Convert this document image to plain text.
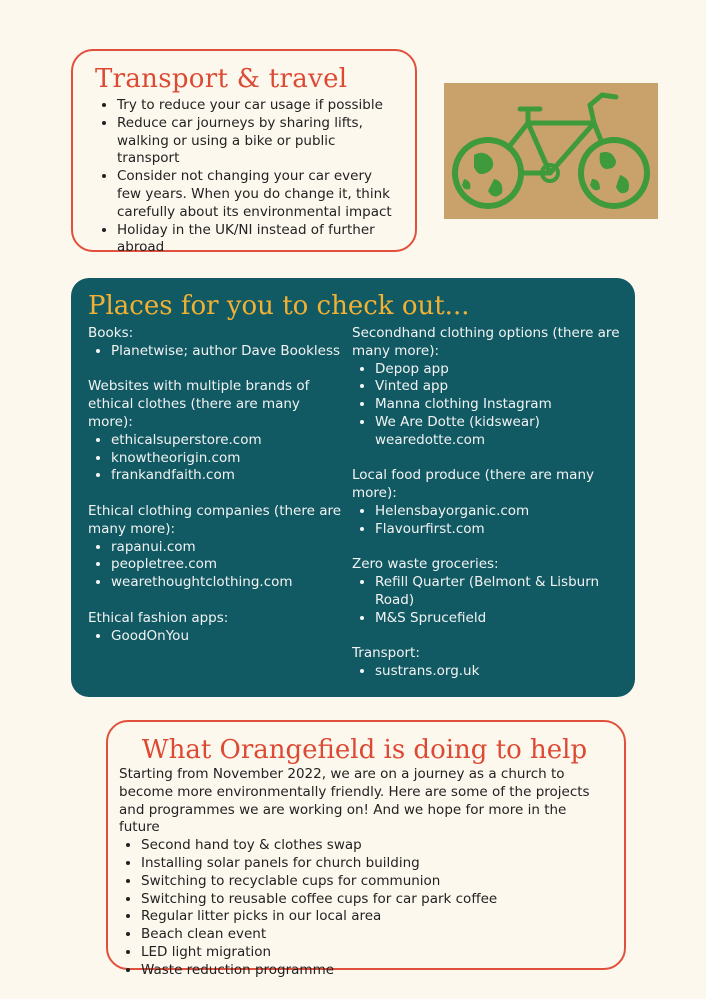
Transport & travel
• Try to reduce your car usage if possible
• Reduce car journeys by sharing lifts, walking or using a bike or public transport
• Consider not changing your car every few years. When you do change it, think carefully about its environmental impact
• Holiday in the UK/NI instead of further abroad
Places for you to check out...

Books:

• Planetwise; author Dave Bookless

Websites with multiple brands of ethical clothes (there are many more):

• ethicalsuperstore.com
• knowtheorigin.com
• frankandfaith.com

Ethical clothing companies (there are many more):

• rapanui.com
• peopletree.com
• wearethoughtclothing.com

Ethical fashion apps:

• GoodOnYou

Secondhand clothing options (there are many more):

• Depop app
• Vinted app
• Manna clothing Instagram
• We Are Dotte (kidswear) wearedotte.com

Local food produce (there are many more):

• Helensbayorganic.com
• Flavourfirst.com

Zero waste groceries:

• Refill Quarter (Belmont & Lisburn Road)
• M&S Sprucefield

Transport:

• sustrans.org.uk
What Orangefield is doing to help

Starting from November 2022, we are on a journey as a church to become more environmentally friendly. Here are some of the projects and programmes we are working on! And we hope for more in the future

• Second hand toy & clothes swap
• Installing solar panels for church building
• Switching to recyclable cups for communion
• Switching to reusable coffee cups for car park coffee
• Regular litter picks in our local area
• Beach clean event
• LED light migration
• Waste reduction programme
